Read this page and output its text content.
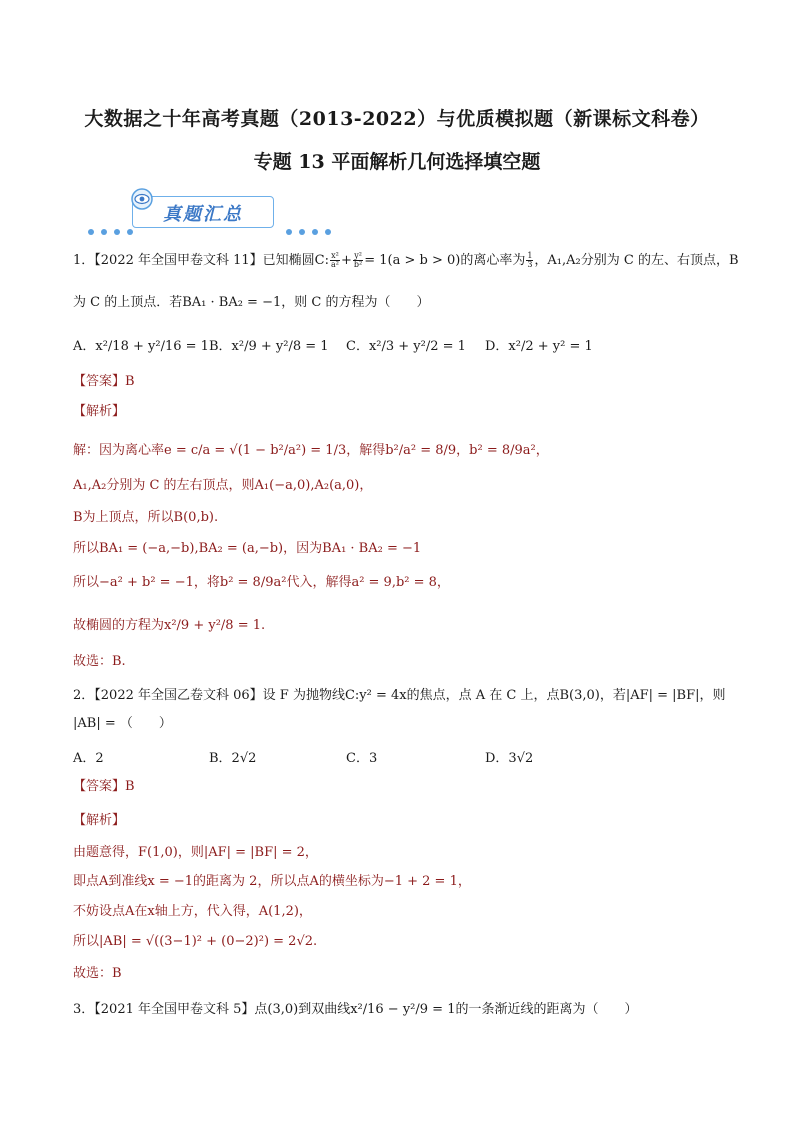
大数据之十年高考真题（2013-2022）与优质模拟题（新课标文科卷）
专题 13 平面解析几何选择填空题
真题汇总
1．【2022 年全国甲卷文科 11】已知椭圆C: $\frac{\text{x²}}{\text{a²}} + \frac{\text{y²}}{\text{b²}} = 1(a > b > 0)$的离心率为 $\frac{1}{3}$ ，A₁,A₂分别为 C 的左、右顶点，B
为 C 的上顶点．若BA₁ · BA₂ = −1，则 C 的方程为（　　）
A．x²/18 + y²/16 = 1 B．x²/9 + y²/8 = 1 C．x²/3 + y²/2 = 1 D．x²/2 + y² = 1
【答案】B
【解析】
解：因为离心率e = c/a = √(1 − b²/a²) = 1/3，解得b²/a² = 8/9，b² = 8/9a²，
A₁,A₂分别为 C 的左右顶点，则A₁(−a,0),A₂(a,0)，
B为上顶点，所以B(0,b).
所以BA₁ = (−a,−b),BA₂ = (a,−b)，因为BA₁ · BA₂ = −1
所以−a² + b² = −1，将b² = 8/9a²代入，解得a² = 9,b² = 8，
故椭圆的方程为x²/9 + y²/8 = 1.
故选：B.
2．【2022 年全国乙卷文科 06】设 F 为抛物线C:y² = 4x的焦点，点 A 在 C 上，点B(3,0)，若|AF| = |BF|，则
|AB| = （　　）
A．2	B．2√2	C．3	D．3√2
【答案】B
【解析】
由题意得，F(1,0)，则|AF| = |BF| = 2，
即点A到准线x = −1的距离为 2，所以点A的横坐标为−1 + 2 = 1，
不妨设点A在x轴上方，代入得，A(1,2)，
所以|AB| = √((3−1)² + (0−2)²) = 2√2.
故选：B
3．【2021 年全国甲卷文科 5】点(3,0)到双曲线x²/16 − y²/9 = 1的一条渐近线的距离为（　　）
